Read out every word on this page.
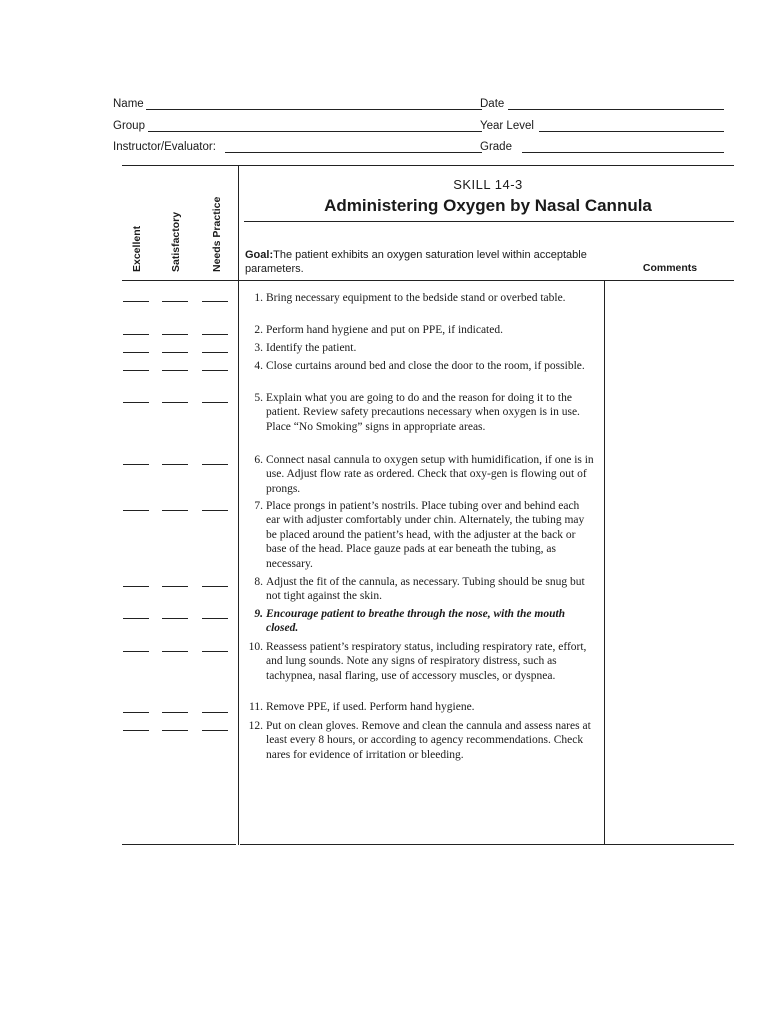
Name	Date
Group	Year Level
Instructor/Evaluator:	Grade
Excellent	Satisfactory	Needs Practice
SKILL 14-3
Administering Oxygen by Nasal Cannula
Goal:The patient exhibits an oxygen saturation level within acceptable parameters.	Comments
1. Bring necessary equipment to the bedside stand or overbed table.
2. Perform hand hygiene and put on PPE, if indicated.
3. Identify the patient.
4. Close curtains around bed and close the door to the room, if possible.
5. Explain what you are going to do and the reason for doing it to the patient. Review safety precautions necessary when oxygen is in use. Place “No Smoking” signs in appropriate areas.
6. Connect nasal cannula to oxygen setup with humidification, if one is in use. Adjust flow rate as ordered. Check that oxy-gen is flowing out of prongs.
7. Place prongs in patient’s nostrils. Place tubing over and behind each ear with adjuster comfortably under chin. Alternately, the tubing may be placed around the patient’s head, with the adjuster at the back or base of the head. Place gauze pads at ear beneath the tubing, as necessary.
8. Adjust the fit of the cannula, as necessary. Tubing should be snug but not tight against the skin.
9. Encourage patient to breathe through the nose, with the mouth closed.
10. Reassess patient’s respiratory status, including respiratory rate, effort, and lung sounds. Note any signs of respiratory distress, such as tachypnea, nasal flaring, use of accessory muscles, or dyspnea.
11. Remove PPE, if used. Perform hand hygiene.
12. Put on clean gloves. Remove and clean the cannula and assess nares at least every 8 hours, or according to agency recommendations. Check nares for evidence of irritation or bleeding.
